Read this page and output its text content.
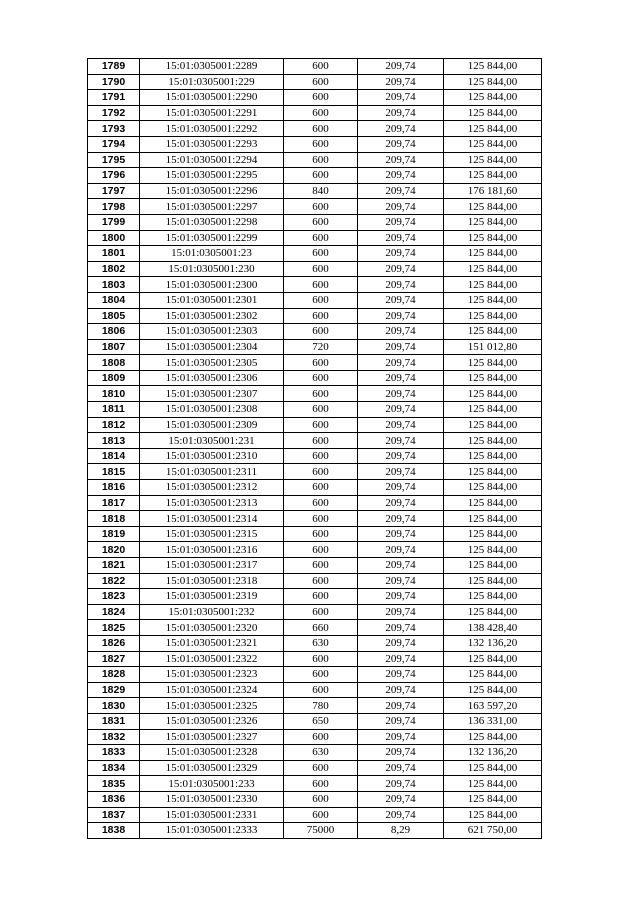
1789	15:01:0305001:2289	600	209,74	125 844,00
1790	15:01:0305001:229	600	209,74	125 844,00
1791	15:01:0305001:2290	600	209,74	125 844,00
1792	15:01:0305001:2291	600	209,74	125 844,00
1793	15:01:0305001:2292	600	209,74	125 844,00
1794	15:01:0305001:2293	600	209,74	125 844,00
1795	15:01:0305001:2294	600	209,74	125 844,00
1796	15:01:0305001:2295	600	209,74	125 844,00
1797	15:01:0305001:2296	840	209,74	176 181,60
1798	15:01:0305001:2297	600	209,74	125 844,00
1799	15:01:0305001:2298	600	209,74	125 844,00
1800	15:01:0305001:2299	600	209,74	125 844,00
1801	15:01:0305001:23	600	209,74	125 844,00
1802	15:01:0305001:230	600	209,74	125 844,00
1803	15:01:0305001:2300	600	209,74	125 844,00
1804	15:01:0305001:2301	600	209,74	125 844,00
1805	15:01:0305001:2302	600	209,74	125 844,00
1806	15:01:0305001:2303	600	209,74	125 844,00
1807	15:01:0305001:2304	720	209,74	151 012,80
1808	15:01:0305001:2305	600	209,74	125 844,00
1809	15:01:0305001:2306	600	209,74	125 844,00
1810	15:01:0305001:2307	600	209,74	125 844,00
1811	15:01:0305001:2308	600	209,74	125 844,00
1812	15:01:0305001:2309	600	209,74	125 844,00
1813	15:01:0305001:231	600	209,74	125 844,00
1814	15:01:0305001:2310	600	209,74	125 844,00
1815	15:01:0305001:2311	600	209,74	125 844,00
1816	15:01:0305001:2312	600	209,74	125 844,00
1817	15:01:0305001:2313	600	209,74	125 844,00
1818	15:01:0305001:2314	600	209,74	125 844,00
1819	15:01:0305001:2315	600	209,74	125 844,00
1820	15:01:0305001:2316	600	209,74	125 844,00
1821	15:01:0305001:2317	600	209,74	125 844,00
1822	15:01:0305001:2318	600	209,74	125 844,00
1823	15:01:0305001:2319	600	209,74	125 844,00
1824	15:01:0305001:232	600	209,74	125 844,00
1825	15:01:0305001:2320	660	209,74	138 428,40
1826	15:01:0305001:2321	630	209,74	132 136,20
1827	15:01:0305001:2322	600	209,74	125 844,00
1828	15:01:0305001:2323	600	209,74	125 844,00
1829	15:01:0305001:2324	600	209,74	125 844,00
1830	15:01:0305001:2325	780	209,74	163 597,20
1831	15:01:0305001:2326	650	209,74	136 331,00
1832	15:01:0305001:2327	600	209,74	125 844,00
1833	15:01:0305001:2328	630	209,74	132 136,20
1834	15:01:0305001:2329	600	209,74	125 844,00
1835	15:01:0305001:233	600	209,74	125 844,00
1836	15:01:0305001:2330	600	209,74	125 844,00
1837	15:01:0305001:2331	600	209,74	125 844,00
1838	15:01:0305001:2333	75000	8,29	621 750,00
